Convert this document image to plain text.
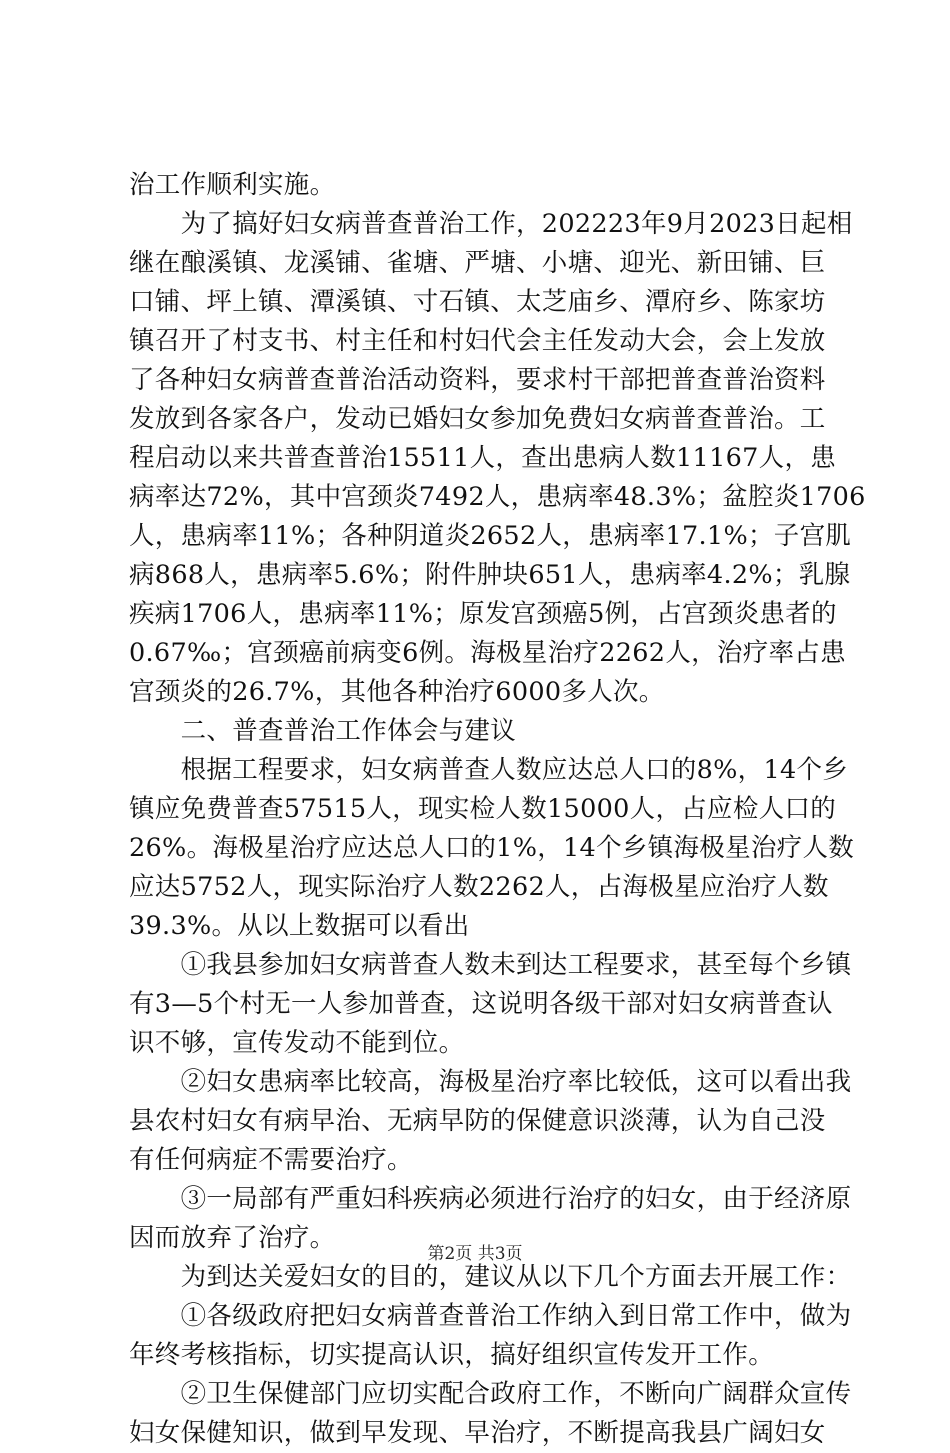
治工作顺利实施。
　　为了搞好妇女病普查普治工作，202223年9月2023日起相
继在酿溪镇、龙溪铺、雀塘、严塘、小塘、迎光、新田铺、巨
口铺、坪上镇、潭溪镇、寸石镇、太芝庙乡、潭府乡、陈家坊
镇召开了村支书、村主任和村妇代会主任发动大会，会上发放
了各种妇女病普查普治活动资料，要求村干部把普查普治资料
发放到各家各户，发动已婚妇女参加免费妇女病普查普治。工
程启动以来共普查普治15511人，查出患病人数11167人，患
病率达72%，其中宫颈炎7492人，患病率48.3%；盆腔炎1706
人，患病率11%；各种阴道炎2652人，患病率17.1%；子宫肌
病868人，患病率5.6%；附件肿块651人，患病率4.2%；乳腺
疾病1706人，患病率11%；原发宫颈癌5例，占宫颈炎患者的
0.67‰；宫颈癌前病变6例。海极星治疗2262人，治疗率占患
宫颈炎的26.7%，其他各种治疗6000多人次。
　　二、普查普治工作体会与建议
　　根据工程要求，妇女病普查人数应达总人口的8%，14个乡
镇应免费普查57515人，现实检人数15000人，占应检人口的
26%。海极星治疗应达总人口的1%，14个乡镇海极星治疗人数
应达5752人，现实际治疗人数2262人，占海极星应治疗人数
39.3%。从以上数据可以看出
　　①我县参加妇女病普查人数未到达工程要求，甚至每个乡镇
有3—5个村无一人参加普查，这说明各级干部对妇女病普查认
识不够，宣传发动不能到位。
　　②妇女患病率比较高，海极星治疗率比较低，这可以看出我
县农村妇女有病早治、无病早防的保健意识淡薄，认为自己没
有任何病症不需要治疗。
　　③一局部有严重妇科疾病必须进行治疗的妇女，由于经济原
因而放弃了治疗。
　　为到达关爱妇女的目的，建议从以下几个方面去开展工作：
　　①各级政府把妇女病普查普治工作纳入到日常工作中，做为
年终考核指标，切实提高认识，搞好组织宣传发开工作。
　　②卫生保健部门应切实配合政府工作，不断向广阔群众宣传
妇女保健知识，做到早发现、早治疗，不断提高我县广阔妇女
第2页 共3页
